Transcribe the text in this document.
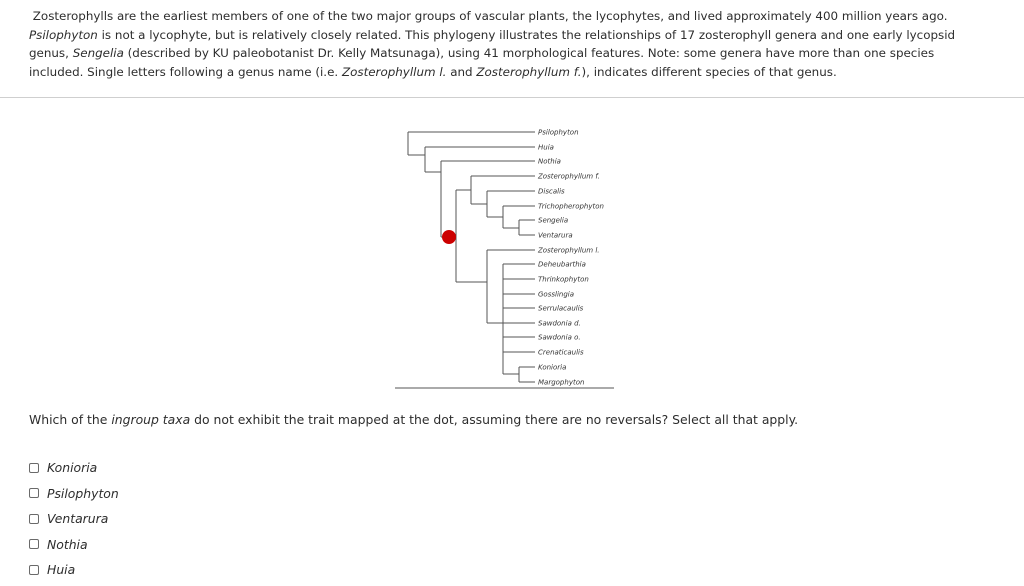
Zosterophylls are the earliest members of one of the two major groups of vascular plants, the lycophytes, and lived approximately 400 million years ago. Psilophyton is not a lycophyte, but is relatively closely related. This phylogeny illustrates the relationships of 17 zosterophyll genera and one early lycopsid genus, Sengelia (described by KU paleobotanist Dr. Kelly Matsunaga), using 41 morphological features. Note: some genera have more than one species included. Single letters following a genus name (i.e. Zosterophyllum l. and Zosterophyllum f.), indicates different species of that genus.

Psilophyton
Huia
Nothia
Zosterophyllum f.
Discalis
Trichopherophyton
Sengelia
Ventarura
Zosterophyllum l.
Deheubarthia
Thrinkophyton
Gosslingia
Serrulacaulis
Sawdonia d.
Sawdonia o.
Crenaticaulis
Konioria
Margophyton
Which of the ingroup taxa do not exhibit the trait mapped at the dot, assuming there are no reversals? Select all that apply.
Konioria
Psilophyton
Ventarura
Nothia
Huia
